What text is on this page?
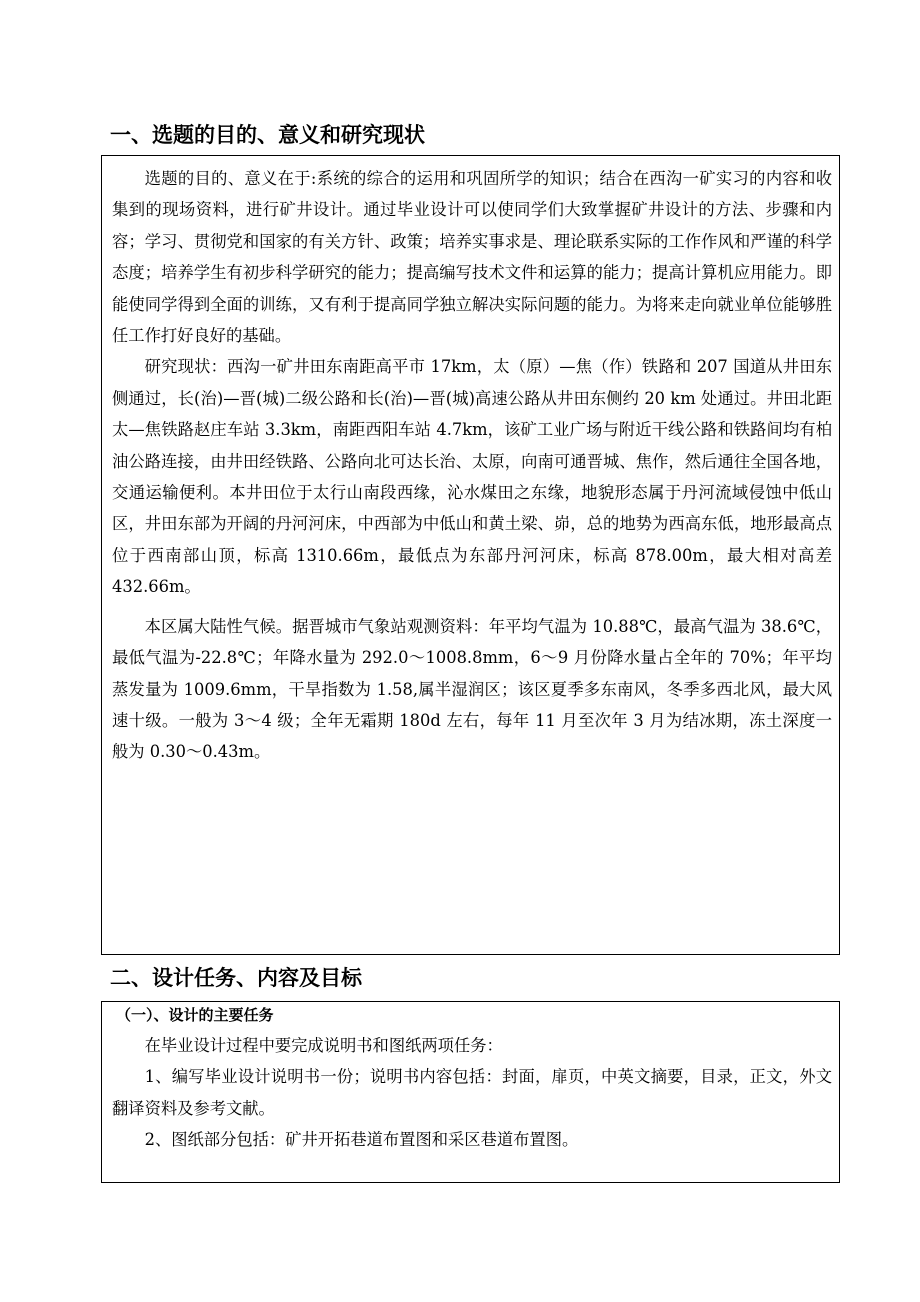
一、选题的目的、意义和研究现状

选题的目的、意义在于:系统的综合的运用和巩固所学的知识；结合在西沟一矿实习的内容和收集到的现场资料，进行矿井设计。通过毕业设计可以使同学们大致掌握矿井设计的方法、步骤和内容；学习、贯彻党和国家的有关方针、政策；培养实事求是、理论联系实际的工作作风和严谨的科学态度；培养学生有初步科学研究的能力；提高编写技术文件和运算的能力；提高计算机应用能力。即能使同学得到全面的训练，又有利于提高同学独立解决实际问题的能力。为将来走向就业单位能够胜任工作打好良好的基础。

研究现状：西沟一矿井田东南距高平市 17km，太（原）—焦（作）铁路和 207 国道从井田东侧通过，长(治)—晋(城)二级公路和长(治)—晋(城)高速公路从井田东侧约 20 km 处通过。井田北距太—焦铁路赵庄车站 3.3km，南距西阳车站 4.7km，该矿工业广场与附近干线公路和铁路间均有柏油公路连接，由井田经铁路、公路向北可达长治、太原，向南可通晋城、焦作，然后通往全国各地，交通运输便利。本井田位于太行山南段西缘，沁水煤田之东缘，地貌形态属于丹河流域侵蚀中低山区，井田东部为开阔的丹河河床，中西部为中低山和黄土梁、峁，总的地势为西高东低，地形最高点位于西南部山顶，标高 1310.66m，最低点为东部丹河河床，标高 878.00m，最大相对高差 432.66m。

本区属大陆性气候。据晋城市气象站观测资料：年平均气温为 10.88℃，最高气温为 38.6℃，最低气温为-22.8℃；年降水量为 292.0～1008.8mm，6～9 月份降水量占全年的 70%；年平均蒸发量为 1009.6mm，干旱指数为 1.58,属半湿润区；该区夏季多东南风，冬季多西北风，最大风速十级。一般为 3～4 级；全年无霜期 180d 左右，每年 11 月至次年 3 月为结冰期，冻土深度一般为 0.30～0.43m。

二、设计任务、内容及目标
（一）、设计的主要任务

在毕业设计过程中要完成说明书和图纸两项任务：

1、编写毕业设计说明书一份；说明书内容包括：封面，扉页，中英文摘要，目录，正文，外文翻译资料及参考文献。

2、图纸部分包括：矿井开拓巷道布置图和采区巷道布置图。
